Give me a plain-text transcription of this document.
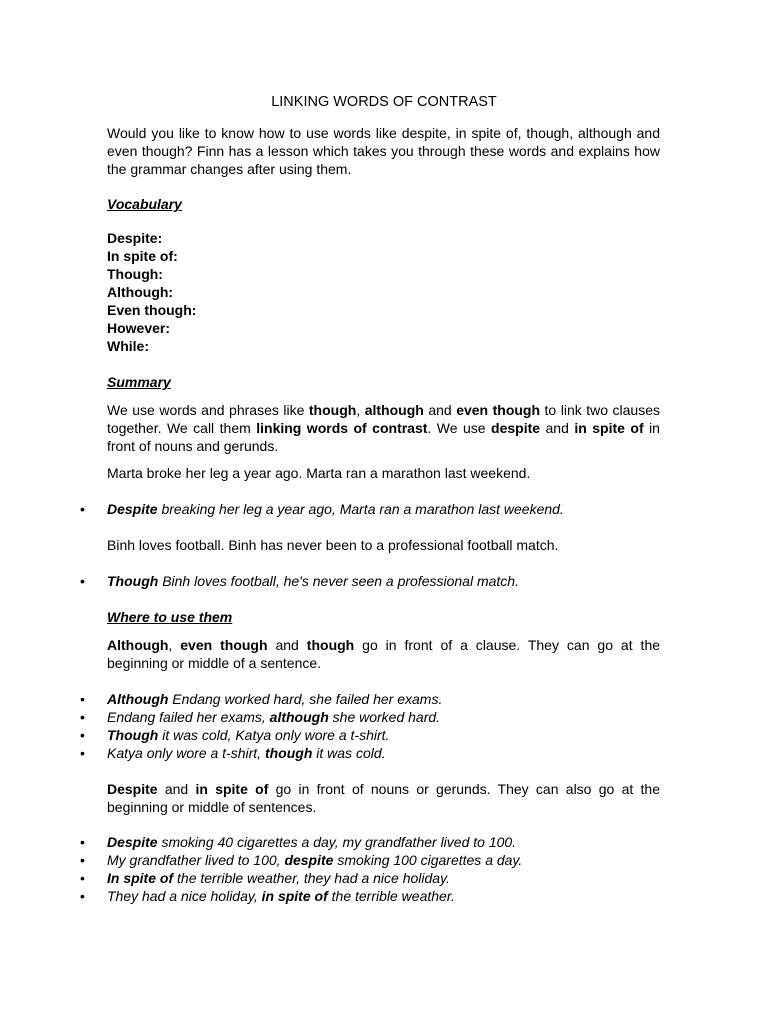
LINKING WORDS OF CONTRAST

Would you like to know how to use words like despite, in spite of, though, although and even though? Finn has a lesson which takes you through these words and explains how the grammar changes after using them.

Vocabulary

Despite:
In spite of:
Though:
Although:
Even though:
However:
While:

Summary

We use words and phrases like though, although and even though to link two clauses together. We call them linking words of contrast. We use despite and in spite of in front of nouns and gerunds.

Marta broke her leg a year ago. Marta ran a marathon last weekend.

• Despite breaking her leg a year ago, Marta ran a marathon last weekend.

Binh loves football. Binh has never been to a professional football match.

• Though Binh loves football, he's never seen a professional match.

Where to use them

Although, even though and though go in front of a clause. They can go at the beginning or middle of a sentence.

• Although Endang worked hard, she failed her exams.
• Endang failed her exams, although she worked hard.
• Though it was cold, Katya only wore a t-shirt.
• Katya only wore a t-shirt, though it was cold.

Despite and in spite of go in front of nouns or gerunds. They can also go at the beginning or middle of sentences.

• Despite smoking 40 cigarettes a day, my grandfather lived to 100.
• My grandfather lived to 100, despite smoking 100 cigarettes a day.
• In spite of the terrible weather, they had a nice holiday.
• They had a nice holiday, in spite of the terrible weather.
